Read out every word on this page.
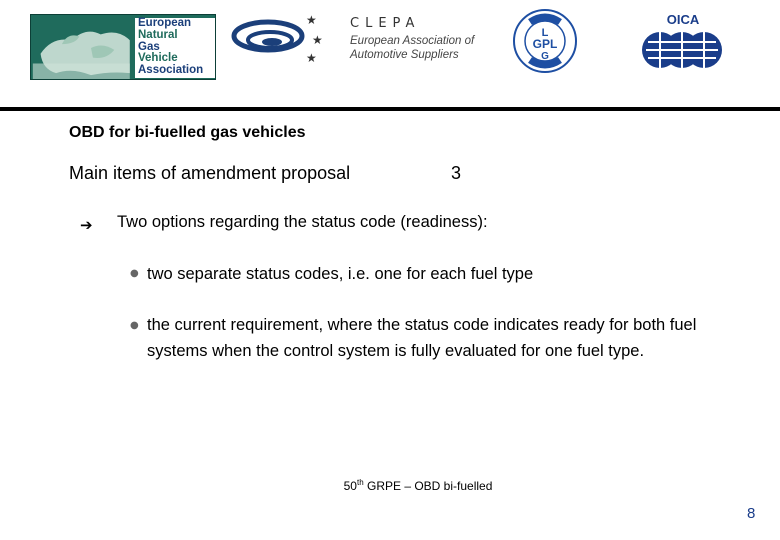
European
Natural
Gas
Vehicle
Association
★
★
★
CLEPA
European Association of Automotive Suppliers
L
GPL
G
OICA
OBD for bi-fuelled gas vehicles
Main items of amendment proposal	3
➔ Two options regarding the status code (readiness):
● two separate status codes, i.e. one for each fuel type
● the current requirement, where the status code indicates ready for both fuel systems when the control system is fully evaluated for one fuel type.
50th GRPE – OBD bi-fuelled
8
